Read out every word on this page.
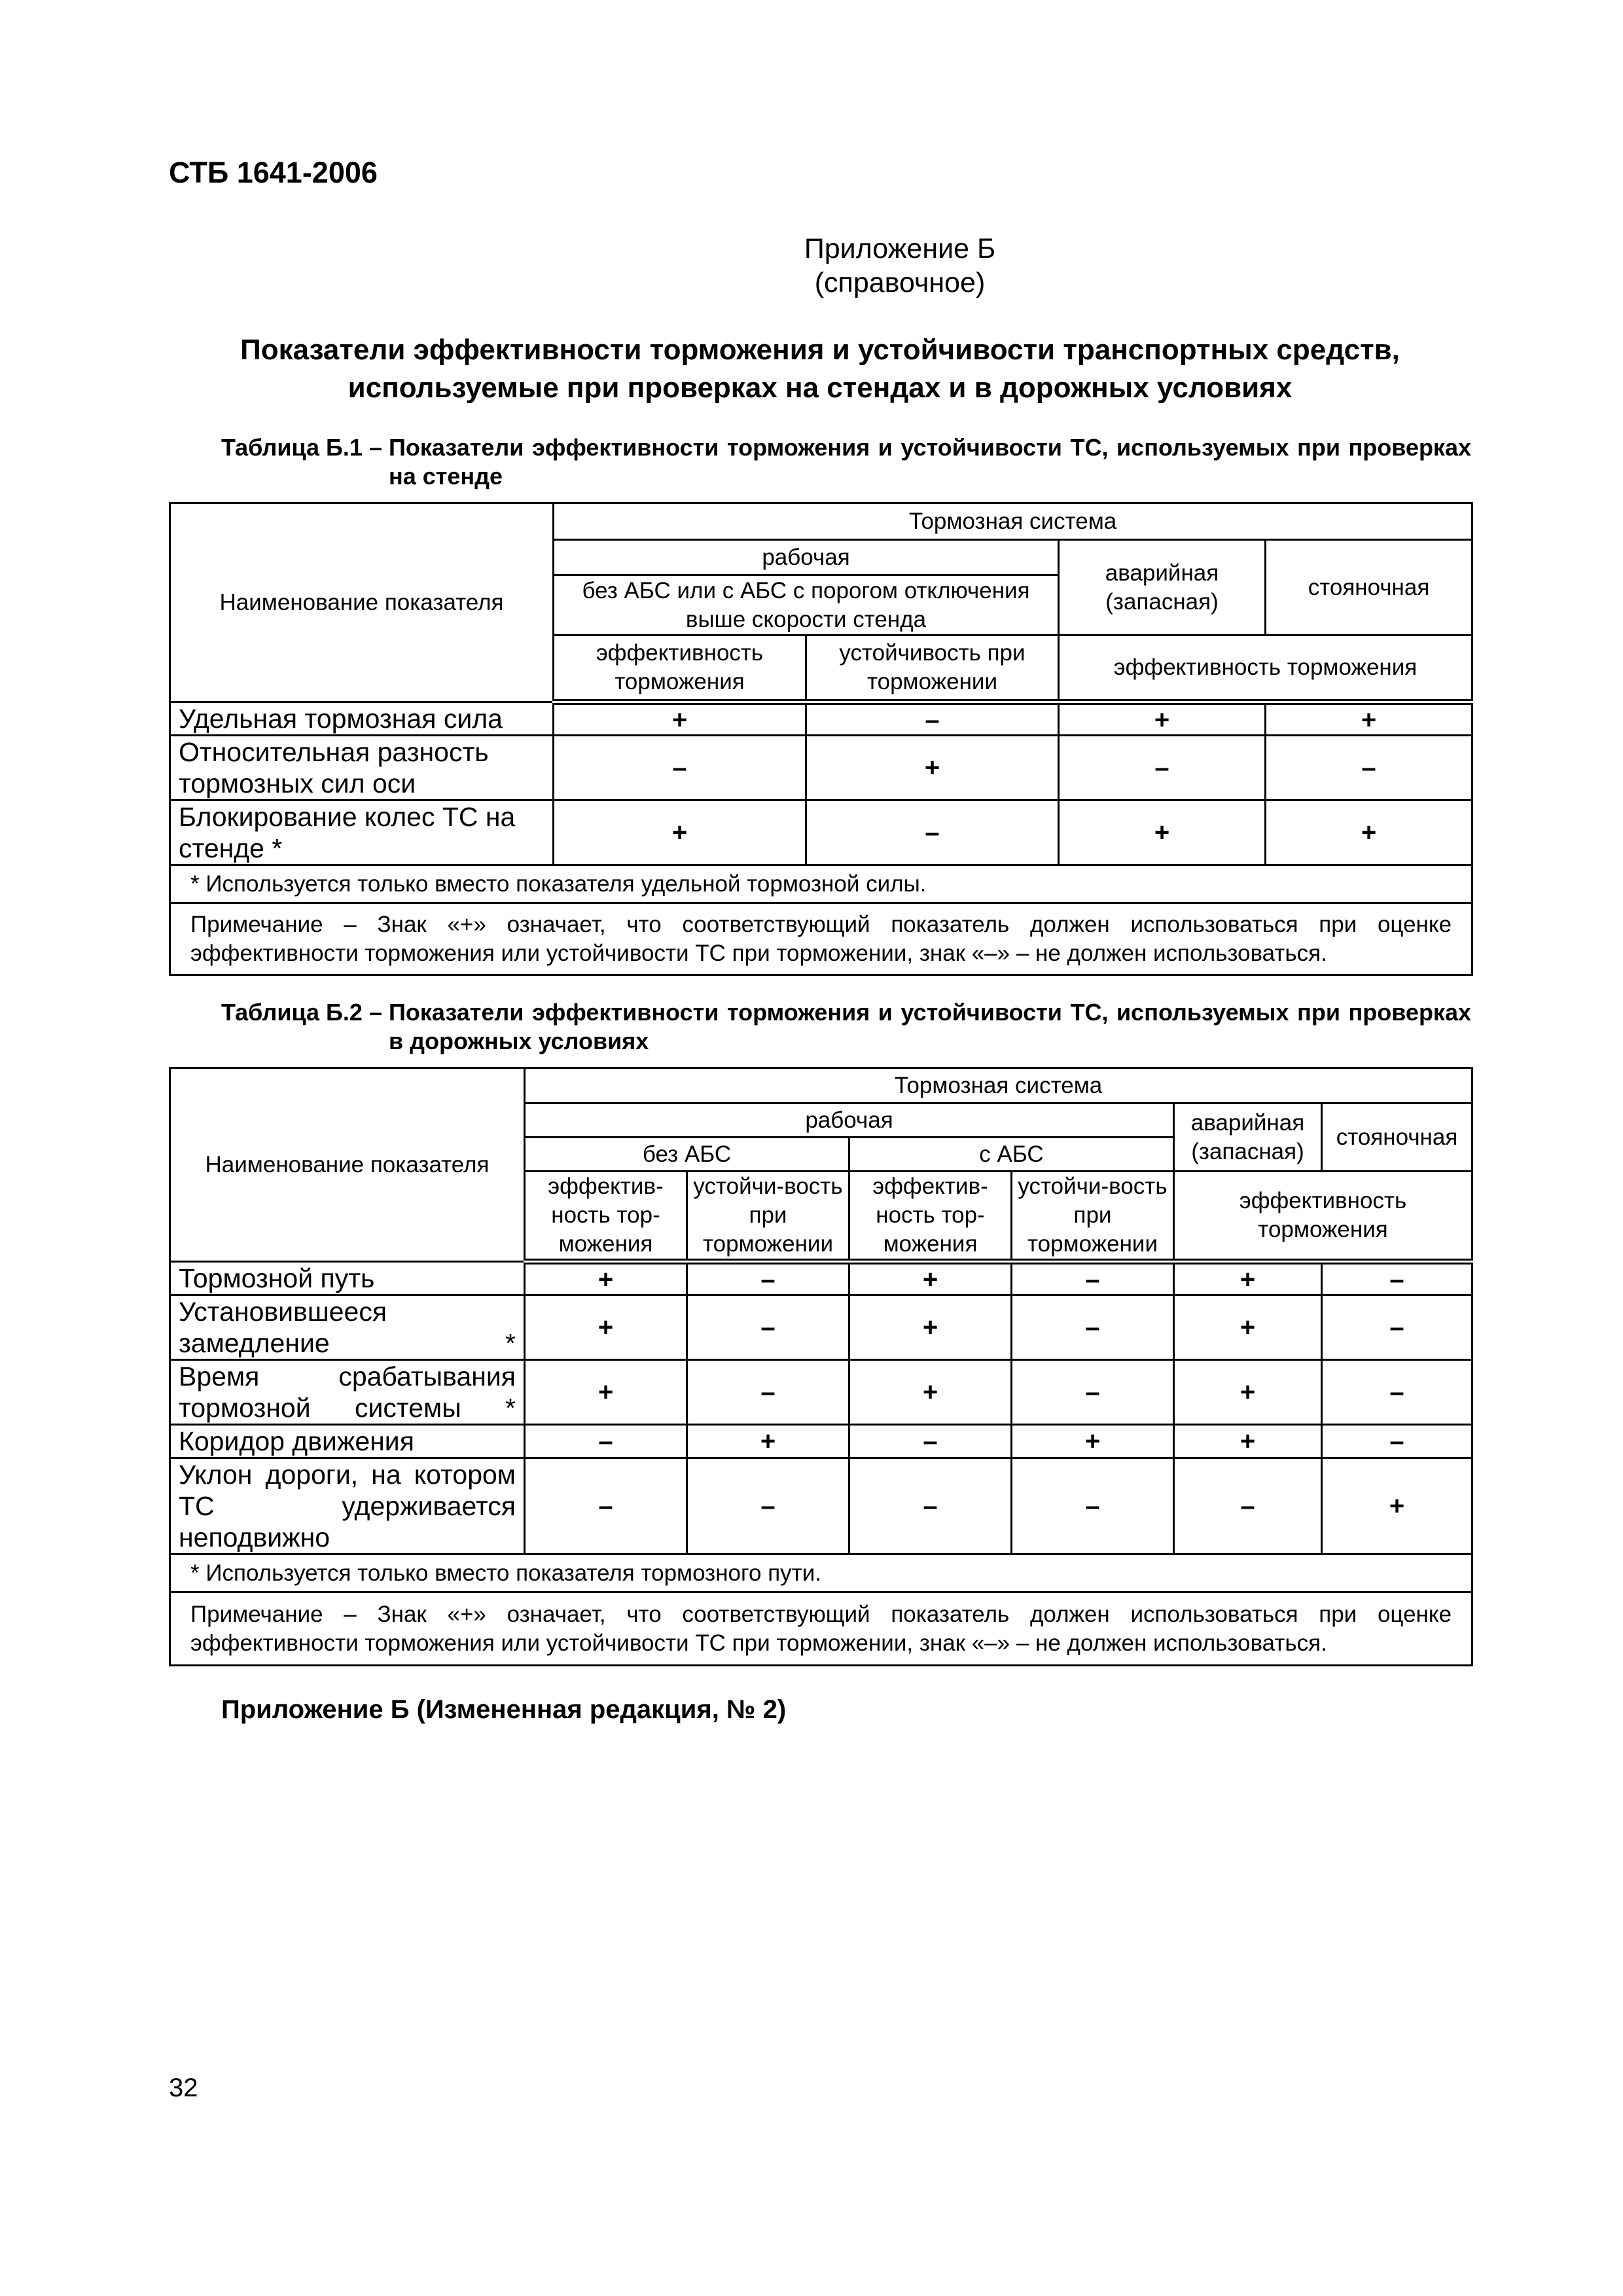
СТБ 1641-2006
Приложение Б
(справочное)
Показатели эффективности торможения и устойчивости транспортных средств,
используемые при проверках на стендах и в дорожных условиях
Таблица Б.1 – Показатели эффективности торможения и устойчивости ТС, используемых при проверках на стенде
Наименование показателя	Тормозная система			
	рабочая		аварийная (запасная)	стояночная
	без АБС или с АБС с порогом отключения выше скорости стенда			
	эффективность торможения	устойчивость при торможении	эффективность торможения	
Удельная тормозная сила	+	–	+	+
Относительная разность тормозных сил оси	–	+	–	–
Блокирование колес ТС на стенде *	+	–	+	+
* Используется только вместо показателя удельной тормозной силы.				
Примечание – Знак «+» означает, что соответствующий показатель должен использоваться при оценке эффективности торможения или устойчивости ТС при торможении, знак «–» – не должен использоваться.				
Таблица Б.2 – Показатели эффективности торможения и устойчивости ТС, используемых при проверках в дорожных условиях
Наименование показателя	Тормозная система					
	рабочая				аварийная (запасная)	стояночная
	без АБС		с АБС			
	эффектив-ность тор-можения	устойчи-вость при торможении	эффектив-ность тор-можения	устойчи-вость при торможении	эффективность торможения	
Тормозной путь	+	–	+	–	+	–
Установившееся замедление *	+	–	+	–	+	–
Время срабатывания тормозной системы *	+	–	+	–	+	–
Коридор движения	–	+	–	+	+	–
Уклон дороги, на котором ТС удерживается неподвижно	–	–	–	–	–	+
* Используется только вместо показателя тормозного пути.						
Примечание – Знак «+» означает, что соответствующий показатель должен использоваться при оценке эффективности торможения или устойчивости ТС при торможении, знак «–» – не должен использоваться.						
Приложение Б (Измененная редакция, № 2)
32
